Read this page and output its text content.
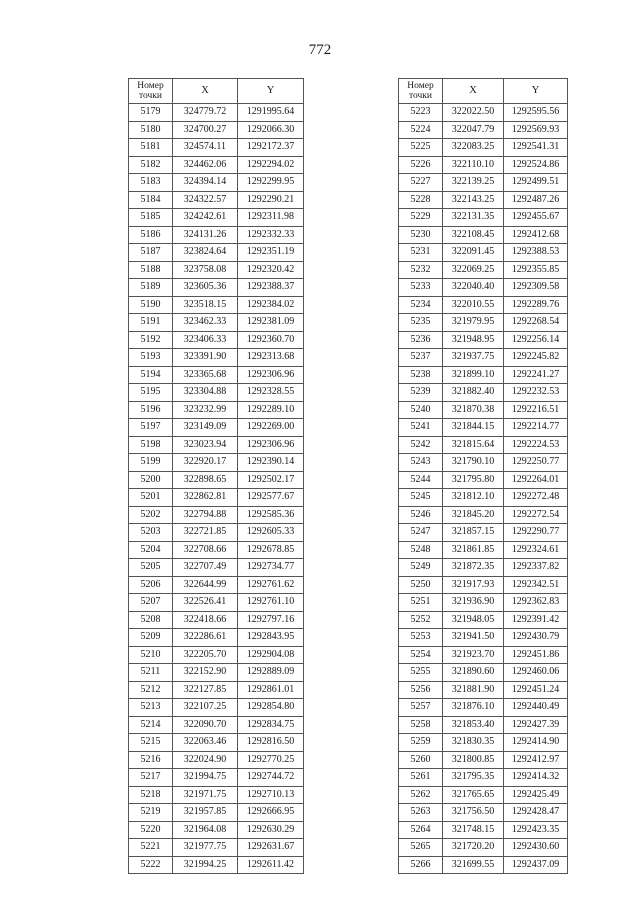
772
Номер
точки	X	Y
5179	324779.72	1291995.64
5180	324700.27	1292066.30
5181	324574.11	1292172.37
5182	324462.06	1292294.02
5183	324394.14	1292299.95
5184	324322.57	1292290.21
5185	324242.61	1292311.98
5186	324131.26	1292332.33
5187	323824.64	1292351.19
5188	323758.08	1292320.42
5189	323605.36	1292388.37
5190	323518.15	1292384.02
5191	323462.33	1292381.09
5192	323406.33	1292360.70
5193	323391.90	1292313.68
5194	323365.68	1292306.96
5195	323304.88	1292328.55
5196	323232.99	1292289.10
5197	323149.09	1292269.00
5198	323023.94	1292306.96
5199	322920.17	1292390.14
5200	322898.65	1292502.17
5201	322862.81	1292577.67
5202	322794.88	1292585.36
5203	322721.85	1292605.33
5204	322708.66	1292678.85
5205	322707.49	1292734.77
5206	322644.99	1292761.62
5207	322526.41	1292761.10
5208	322418.66	1292797.16
5209	322286.61	1292843.95
5210	322205.70	1292904.08
5211	322152.90	1292889.09
5212	322127.85	1292861.01
5213	322107.25	1292854.80
5214	322090.70	1292834.75
5215	322063.46	1292816.50
5216	322024.90	1292770.25
5217	321994.75	1292744.72
5218	321971.75	1292710.13
5219	321957.85	1292666.95
5220	321964.08	1292630.29
5221	321977.75	1292631.67
5222	321994.25	1292611.42
Номер
точки	X	Y
5223	322022.50	1292595.56
5224	322047.79	1292569.93
5225	322083.25	1292541.31
5226	322110.10	1292524.86
5227	322139.25	1292499.51
5228	322143.25	1292487.26
5229	322131.35	1292455.67
5230	322108.45	1292412.68
5231	322091.45	1292388.53
5232	322069.25	1292355.85
5233	322040.40	1292309.58
5234	322010.55	1292289.76
5235	321979.95	1292268.54
5236	321948.95	1292256.14
5237	321937.75	1292245.82
5238	321899.10	1292241.27
5239	321882.40	1292232.53
5240	321870.38	1292216.51
5241	321844.15	1292214.77
5242	321815.64	1292224.53
5243	321790.10	1292250.77
5244	321795.80	1292264.01
5245	321812.10	1292272.48
5246	321845.20	1292272.54
5247	321857.15	1292290.77
5248	321861.85	1292324.61
5249	321872.35	1292337.82
5250	321917.93	1292342.51
5251	321936.90	1292362.83
5252	321948.05	1292391.42
5253	321941.50	1292430.79
5254	321923.70	1292451.86
5255	321890.60	1292460.06
5256	321881.90	1292451.24
5257	321876.10	1292440.49
5258	321853.40	1292427.39
5259	321830.35	1292414.90
5260	321800.85	1292412.97
5261	321795.35	1292414.32
5262	321765.65	1292425.49
5263	321756.50	1292428.47
5264	321748.15	1292423.35
5265	321720.20	1292430.60
5266	321699.55	1292437.09
